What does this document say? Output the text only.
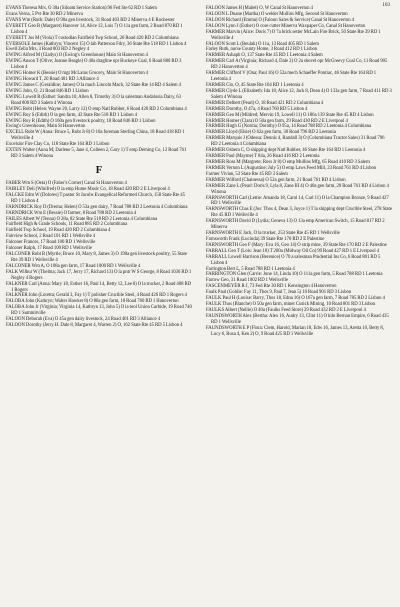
103
EVANS Theresa Mrs, O 30a (Siloam Service Station) 96 Fed Ste 62 RD 1 Salem
Evans Verna, 5 Pvt Rte 30 RD 2 Minerva
EVANS Wm (Ruth: Dale) O 90a gen livestock, 31 Road 403 RD 2 Minerva 4 E Rochester
EVERETT Geo B (Margaret) Hanover 14, Alice 12, Lois 7) O 11a gen farm, 2 Road 870 RD 1 Lisbon 4
EVERETT Jos M (Viola) T custodian Fairfield Twp School, 20 Road 420 RD 2 Columbiana
EVERSOLE James (Kathryn; Vincent 15) O lab Patterson Fdry, 36 State Rte 518 RD 1 Lisbon 4
Ewell Zella Mrs, 3 Road 803 RD 2 Negley 4
EWING Alfred M (Gladys) O (Ewing's Greenhouse) Main St Hanoverton 4
EWING Anson T (Olive; Joanne Beagle) O 40a dragline opr Buckeye Coal, 6 Road 880 RD 3 Lisbon 4
EWING Homer K (Bessie) O mgr McLains Grocery, Main St Hanoverton 4
EWING Howard T, 20 Road 401 RD 3 Alliance 4
EWING James C (Geraldine; James) O la mach Lincoln Mach, 32 State Rte 14 RD 4 Salem 4
EWING John, O, 21 Road 846 RD 1 Lisbon
EWING Lowell R (Esther: Sandra 10, Allen 8, Timothy 3) O la salesman Andalusia Dairy, 63 Road 800 RD 3 Salem 4 Winona
EWING Robt (Helen: Wayne 20, Larry 12) O emp Natl Rubber, 6 Road 420 RD 2 Columbiana 4
EWING Roy S (Edith) O la gen farm, 43 State Rte 518 RD 1 Lisbon 4
EWING Roy R (Edith) O 160a gen livestock poultry, 18 Road 846 RD 1 Lisbon
Ewing's Greenhouse, Main St Hanoverton
EXCELL Robt W (Anna: Bruce 5, Robt Jr 8) O 10a foreman Sterling China, 18 Road 418 RD 1 Wellsville 4
Excelsior Fire Clay Co, 118 State Rte 164 RD 1 Lisbon
EXTEN Walter (Anna M; Darlene 5, Jane 4, Colleen 2, Gary 1) T emp Deming Co, 12 Road 761 RD 3 Salem 4 Winona
F
FABER Wm S (Oeta) O (Faber's Corner) Canal St Hanoverton 4
FAIRLEY Deli (Winifred) O la emp Hume Music Co, 18 Road 420 RD 2 E Liverpool 4
FALCKE Edm W (Dolores) T pastor St Jacobs Evangelical Reformed Church, 158 State Rte 45 RD 1 Lisbon 4
FARNDRICK Roy D (Drema; Helen) O 53a gen dairy, 7 Road 788 RD 2 Leetonia 4 Columbiana
FARNDRICK Wm E (Bessie) O farmer, 8 Road 788 RD 2 Leetonia 4
FAILES Albert W (Tenna) O 28a, 82 State Rte 518 RD 2 Leetonia 4 Columbiana
Fairfield High & Grade Schools, 11 Road 885 RD 2 Columbiana
Fairfield Twp School, 19 Road 420 RD 2 Columbiana 4
Fairview School, 2 Road 101 RD 1 Wellsville 4
Falconer Frances, 17 Road 100 RD 1 Wellsville
Falconer Ralph, 17 Road 100 RD 1 Wellsville
FALCONER Robt B (Myrtle; Bruce 10, Mary 8, James 3) O 190a gen livestock poultry, 55 State Rte 39 RD 1 Wellsville 4
FALCONER Wm A, O 108a gen farm, 17 Road 1000 RD 1 Wellsville 4
FALK Wilbur W (Thelma; Jack 17, Jerry 17, Richard 13) O la pntr W S George, 8 Road 1030 RD 1 Negley 4 Rogers
FALKNER Carl (Anna: Mary 18, Esther 16, Paul 14, Betty 12, Lee 8) O la trucker, 2 Road 408 RD 1 Rogers
FALKNER John (Loretta; Gerald 3, Fay 1) T polisher Crucible Steel, 4 Road 426 RD 1 Rogers 4
FALOBA John (Kathryn; Walter Hawker 8) O 80a gen farm, 18 Road 760 RD 1 Hanoverton
FALOBA John Jr (Virginia; Virginia 14, Kathryn 13, John 5) O la tool Union Carbide, 19 Road 740 RD 1 Summitville
FALOON Deborah (Eva) O 45a gen dairy livestock, 24 Road 401 RD 3 Alliance 4
FALOON Dorothy (Jerry H. Dale 8, Margaret 4, Warren 2) O, 162 State Rte 45 RD 5 Lisbon 4
FALOON James H (Mabel) O, W Canal St Hanoverton 4
FALOON L Duane (Martha) O welder Mullins Mfg, Second St Hanoverton
FALOON Richard (Emma) O (Faloon Sales & Service) Canal St Hanoverton 4
FALOON Lynn J (Esther) O core cutter Minerva Waxpaper Co, Canal St Hanoverton
FARMER Marvin (Alice: Doris 7) O 7a brick setter McLain Fire Brick, 50 State Rte 39 RD 1 Wellsville 4
FALOON Scott L (Beulah) O 11a, 13 Road 405 RD 1 Salem
Farley Ruth, nurse County Home, 3 Road 412 RD 1 Lisbon
FARMER Ashaph O, 137 State Rte 45 RD 1 Leetonia 4 Salem
FARMER Carl A (Virginia; Richard 4, Dale 2) O 2a shovel opr McGreevy Coal Co, 11 Road 905 RD 2 Hanoverton 4
FARMER Clifford V (Ona; Paul 16) O 52a mech Schaeffer Pontiac, 46 State Rte 164 RD 1 Leetonia 4
FARMER Clo, O, 45 State Rte 164 RD 1 Leetonia 4
FARMER Clyde L (Elizabeth: Ida 18, Alice 12, Jack 8, Dean 4) O 133a gen farm, 7 Road 411 RD 3 Salem 4 Winona
FARMER Delbert (Pearl) O, 18 Road 421 RD 2 Columbiana 4
FARMER Dorothy, O 47a, 4 Road 760 RD 5 Lisbon 4
FARMER Geo M (Mildred; Mervin 19, Lowell 11) O 186a 139 State Rte 45 RD 4 Lisbon
FARMER Homer (Clara) O 50a gen farm, 29 Road 430 RD 2 E Liverpool 4
FARMER Hugh G (Norma; Dorothy) O 95a, 14 Road 788 RD 2 Leetonia 4 Columbiana
FARMER Lloyd (Elsie) O 62a gen farm, 30 Road 796 RD 2 Leetonia
FARMER Marquis J (Odessa: Dennis 4, Randall 3) O (Columbiana Tractor Sales) 31 Road 796 RD 2 Leetonia 4 Columbiana
FARMER Osbern C, O shipping dept Natl Rubber, 46 State Rte 164 RD 1 Leetonia 4
FARMER Paul (Mayme) T 84a, 26 Road 416 RD 2 Leetonia
FARMER Ross M (Margrete; Ross Jr 8) O emp Mullins Mfg, 65 Road 410 RD 3 Salem
FARMER Vernon L (Augustine; July 5) O emp Laws Feed Mill, 23 Road 761 RD 4 Lisbon
Farmer Vivian, 53 State Rte 45 RD 3 Salem
FARMER Wilford (Chainessa) O 52a gen farm, 21 Road 761 RD 4 Lisbon
FARMER Zane L (Pearl: Doris 9, Lyla 8, Zane III 4) O 40a gen farm, 20 Road 761 RD 4 Lisbon 4 Winona
FARNSWORTH Carl (Lettie: Amanda 18, Carol 14, Carl 11) O la Champion Bronze, 9 Road 427 RD 1 Wellsville
FARNSWORTH Chas E (Jos: Thos 4, Dean 3, Joyce 1) T la shipping dept Crucible Steel, 278 State Rte 45 RD 1 Wellsville 4
FARNSWORTH David D (Lydia; Geneva 13) O 13a emp American Switch, 15 Road 817 RD 2 Minerva
FARNSWORTH E Jack, O la trucker, 253 State Rte 45 RD 1 Wellsville
Farnsworth Frank (Lucinda) 39 State Rte 170 RD 2 E Palestine
FARNSWORTH Geo F (Mary: Eva 16, Geo 14) O strip mine, 39 State Rte 170 RD 2 E Palestine
FARRALL Geo T (Lois: Jean 18) T 200a (Midway Oil Co) 99 Road 427 RD 1 E Liverpool 4
FARRALL Lowell Harrison (Berenice) O 70 a salesman Prudential Ins Co, 6 Road 801 RD 5 Lisbon 4
Farrington Bert L, 5 Road 788 RD 1 Leetonia 4
FARRINGTON Glen (Carrie: June 14, Linda 10) O 111a gen farm, 5 Road 788 RD 1 Leetonia
Farrow Geo, 31 Road 1002 RD 1 Wellsville
FASCENMEYER R J, 73 Fed Rte 30 RD 1 Kensington 4 Hanoverton
Faulk Paul (Goldie: Fay 11, Thos 9, Paul 7, Jean 5) 10 Road 901 RD 3 Lisbon
FAULK Paul H (Louise: Barry, Thos 18, Edna 16) O 167a gen farm, 7 Road 785 RD 2 Lisbon 4
FAULK Thos (Blanche) O 50a gen farm, miner Cusick Mining, 10 Road 801 RD 3 Lisbon
FAULKS Albert (Nellie) O 40a (Faulks Feed Store) 29 Road 432 RD 2 E Liverpool 4
FAUNDSWORTH Alex (Bertha: Alex 16, Audry 13, Clint 11) O kiln Bernan Empire, 6 Road 435 RD 1 Wellsville
FAUNDSWORTH E P (Flora: Clem, Harold, Marian 18, Edw 16, James 13, Aretta 10, Betty 8, Lucy 6, Rosa 4, Ken 2) O, 9 Road 425 RD 1 Wellsville
